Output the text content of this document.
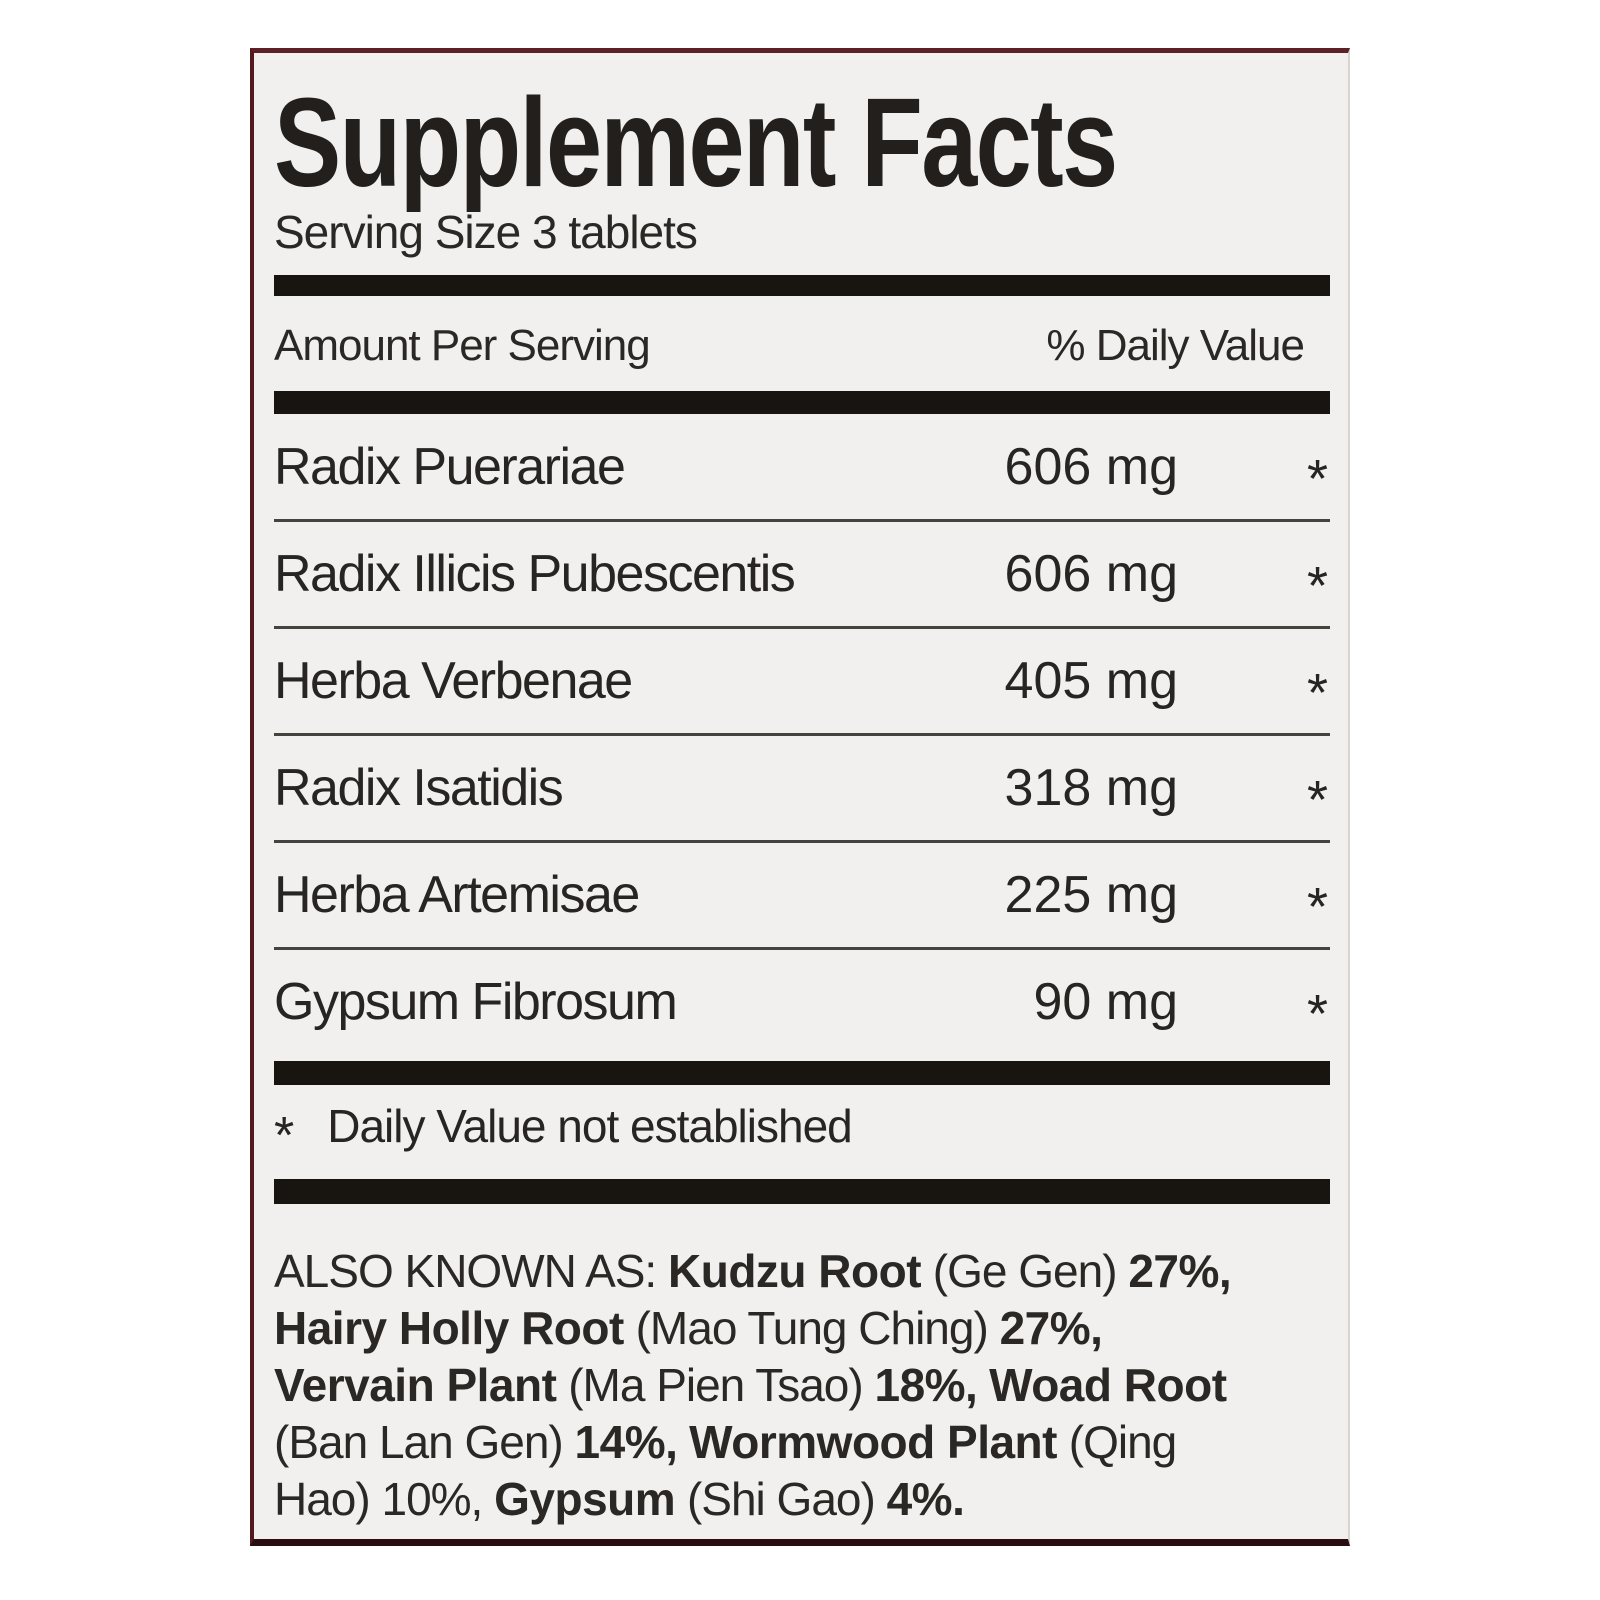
Supplement Facts
Serving Size 3 tablets
Amount Per Serving	% Daily Value
Radix Puerariae	606 mg	*
Radix Illicis Pubescentis	606 mg	*
Herba Verbenae	405 mg	*
Radix Isatidis	318 mg	*
Herba Artemisae	225 mg	*
Gypsum Fibrosum	90 mg	*
* Daily Value not established
ALSO KNOWN AS: Kudzu Root (Ge Gen) 27%,
Hairy Holly Root (Mao Tung Ching) 27%,
Vervain Plant (Ma Pien Tsao) 18%, Woad Root
(Ban Lan Gen) 14%, Wormwood Plant (Qing
Hao) 10%, Gypsum (Shi Gao) 4%.
